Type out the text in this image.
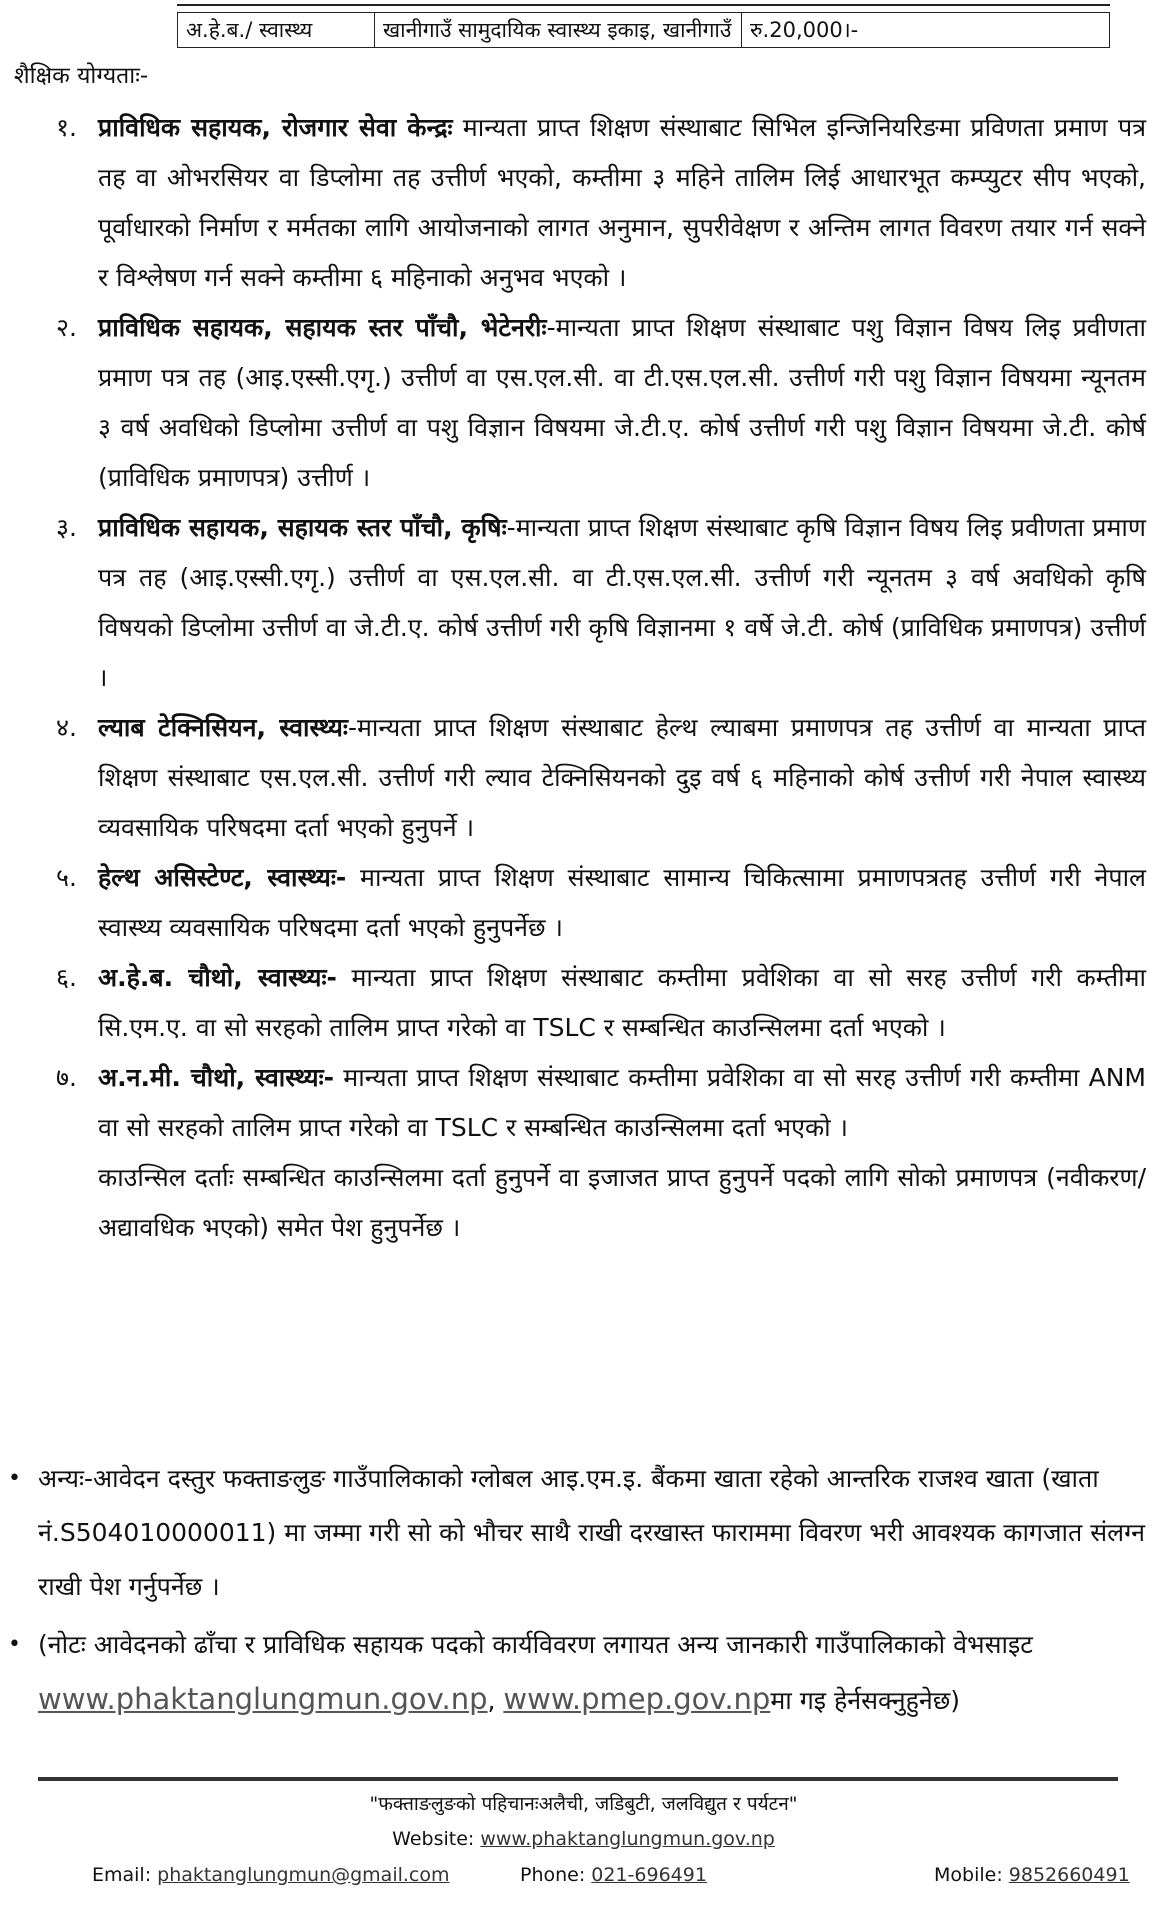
अ.हे.ब./ स्वास्थ्य	खानीगाउँ सामुदायिक स्वास्थ्य इकाइ, खानीगाउँ	रु.20,000।-
शैक्षिक योग्यताः-

१. प्राविधिक सहायक, रोजगार सेवा केन्द्रः मान्यता प्राप्त शिक्षण संस्थाबाट सिभिल इन्जिनियरिङमा प्रविणता प्रमाण पत्र तह वा ओभरसियर वा डिप्लोमा तह उत्तीर्ण भएको, कम्तीमा ३ महिने तालिम लिई आधारभूत कम्प्युटर सीप भएको, पूर्वाधारको निर्माण र मर्मतका लागि आयोजनाको लागत अनुमान, सुपरीवेक्षण र अन्तिम लागत विवरण तयार गर्न सक्ने र विश्लेषण गर्न सक्ने कम्तीमा ६ महिनाको अनुभव भएको ।

२. प्राविधिक सहायक, सहायक स्तर पाँचौ, भेटेनरीः-मान्यता प्राप्त शिक्षण संस्थाबाट पशु विज्ञान विषय लिइ प्रवीणता प्रमाण पत्र तह (आइ.एस्सी.एगृ.) उत्तीर्ण वा एस.एल.सी. वा टी.एस.एल.सी. उत्तीर्ण गरी पशु विज्ञान विषयमा न्यूनतम ३ वर्ष अवधिको डिप्लोमा उत्तीर्ण वा पशु विज्ञान विषयमा जे.टी.ए. कोर्ष उत्तीर्ण गरी पशु विज्ञान विषयमा जे.टी. कोर्ष (प्राविधिक प्रमाणपत्र) उत्तीर्ण ।

३. प्राविधिक सहायक, सहायक स्तर पाँचौ, कृषिः-मान्यता प्राप्त शिक्षण संस्थाबाट कृषि विज्ञान विषय लिइ प्रवीणता प्रमाण पत्र तह (आइ.एस्सी.एगृ.) उत्तीर्ण वा एस.एल.सी. वा टी.एस.एल.सी. उत्तीर्ण गरी न्यूनतम ३ वर्ष अवधिको कृषि विषयको डिप्लोमा उत्तीर्ण वा जे.टी.ए. कोर्ष उत्तीर्ण गरी कृषि विज्ञानमा १ वर्षे जे.टी. कोर्ष (प्राविधिक प्रमाणपत्र) उत्तीर्ण ।

४. ल्याब टेक्निसियन, स्वास्थ्यः-मान्यता प्राप्त शिक्षण संस्थाबाट हेल्थ ल्याबमा प्रमाणपत्र तह उत्तीर्ण वा मान्यता प्राप्त शिक्षण संस्थाबाट एस.एल.सी. उत्तीर्ण गरी ल्याव टेक्निसियनको दुइ वर्ष ६ महिनाको कोर्ष उत्तीर्ण गरी नेपाल स्वास्थ्य व्यवसायिक परिषदमा दर्ता भएको हुनुपर्ने ।

५. हेल्थ असिस्टेण्ट, स्वास्थ्यः- मान्यता प्राप्त शिक्षण संस्थाबाट सामान्य चिकित्सामा प्रमाणपत्रतह उत्तीर्ण गरी नेपाल स्वास्थ्य व्यवसायिक परिषदमा दर्ता भएको हुनुपर्नेछ ।

६. अ.हे.ब. चौथो, स्वास्थ्यः- मान्यता प्राप्त शिक्षण संस्थाबाट कम्तीमा प्रवेशिका वा सो सरह उत्तीर्ण गरी कम्तीमा सि.एम.ए. वा सो सरहको तालिम प्राप्त गरेको वा TSLC र सम्बन्धित काउन्सिलमा दर्ता भएको ।

७. अ.न.मी. चौथो, स्वास्थ्यः- मान्यता प्राप्त शिक्षण संस्थाबाट कम्तीमा प्रवेशिका वा सो सरह उत्तीर्ण गरी कम्तीमा ANM वा सो सरहको तालिम प्राप्त गरेको वा TSLC र सम्बन्धित काउन्सिलमा दर्ता भएको ।

काउन्सिल दर्ताः सम्बन्धित काउन्सिलमा दर्ता हुनुपर्ने वा इजाजत प्राप्त हुनुपर्ने पदको लागि सोको प्रमाणपत्र (नवीकरण/ अद्यावधिक भएको) समेत पेश हुनुपर्नेछ ।

• अन्यः-आवेदन दस्तुर फक्ताङलुङ गाउँपालिकाको ग्लोबल आइ.एम.इ. बैंकमा खाता रहेको आन्तरिक राजश्व खाता (खाता नं.S504010000011) मा जम्मा गरी सो को भौचर साथै राखी दरखास्त फाराममा विवरण भरी आवश्यक कागजात संलग्न राखी पेश गर्नुपर्नेछ ।

• (नोटः आवेदनको ढाँचा र प्राविधिक सहायक पदको कार्यविवरण लगायत अन्य जानकारी गाउँपालिकाको वेभसाइट www.phaktanglungmun.gov.np, www.pmep.gov.npमा गइ हेर्नसक्नुहुनेछ)

"फक्ताङलुङको पहिचानःअलैची, जडिबुटी, जलविद्युत र पर्यटन"
Website: www.phaktanglungmun.gov.np
Email: phaktanglungmun@gmail.com	Phone: 021-696491	Mobile: 9852660491
